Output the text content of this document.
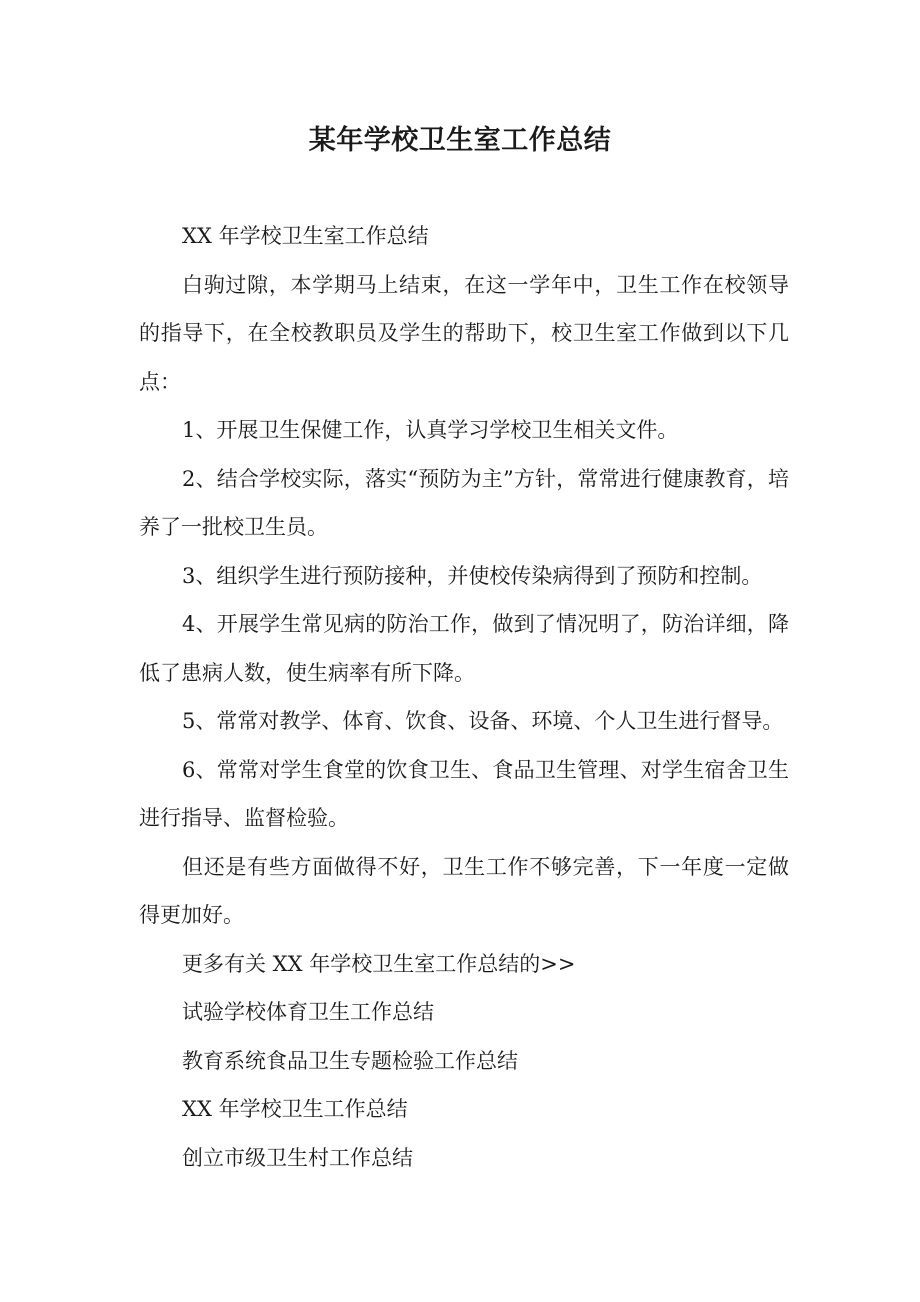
某年学校卫生室工作总结

XX 年学校卫生室工作总结

白驹过隙，本学期马上结束，在这一学年中，卫生工作在校领导的指导下，在全校教职员及学生的帮助下，校卫生室工作做到以下几点：

1、开展卫生保健工作，认真学习学校卫生相关文件。

2、结合学校实际，落实“预防为主”方针，常常进行健康教育，培养了一批校卫生员。

3、组织学生进行预防接种，并使校传染病得到了预防和控制。

4、开展学生常见病的防治工作，做到了情况明了，防治详细，降低了患病人数，使生病率有所下降。

5、常常对教学、体育、饮食、设备、环境、个人卫生进行督导。

6、常常对学生食堂的饮食卫生、食品卫生管理、对学生宿舍卫生进行指导、监督检验。

但还是有些方面做得不好，卫生工作不够完善，下一年度一定做得更加好。

更多有关 XX 年学校卫生室工作总结的>>

试验学校体育卫生工作总结

教育系统食品卫生专题检验工作总结

XX 年学校卫生工作总结

创立市级卫生村工作总结
